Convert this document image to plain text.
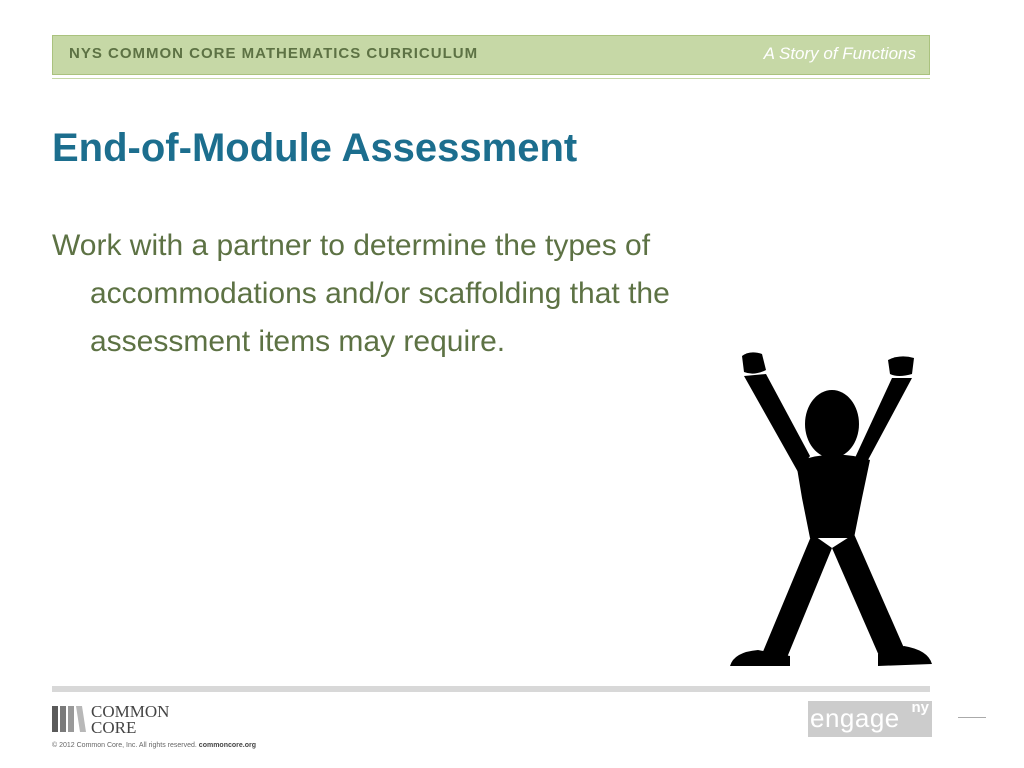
NYS COMMON CORE MATHEMATICS CURRICULUM	A Story of Functions
End-of-Module Assessment
Work with a partner to determine the types of accommodations and/or scaffolding that the assessment items may require.
COMMON
CORE
© 2012 Common Core, Inc. All rights reserved. commoncore.org
engage ny
